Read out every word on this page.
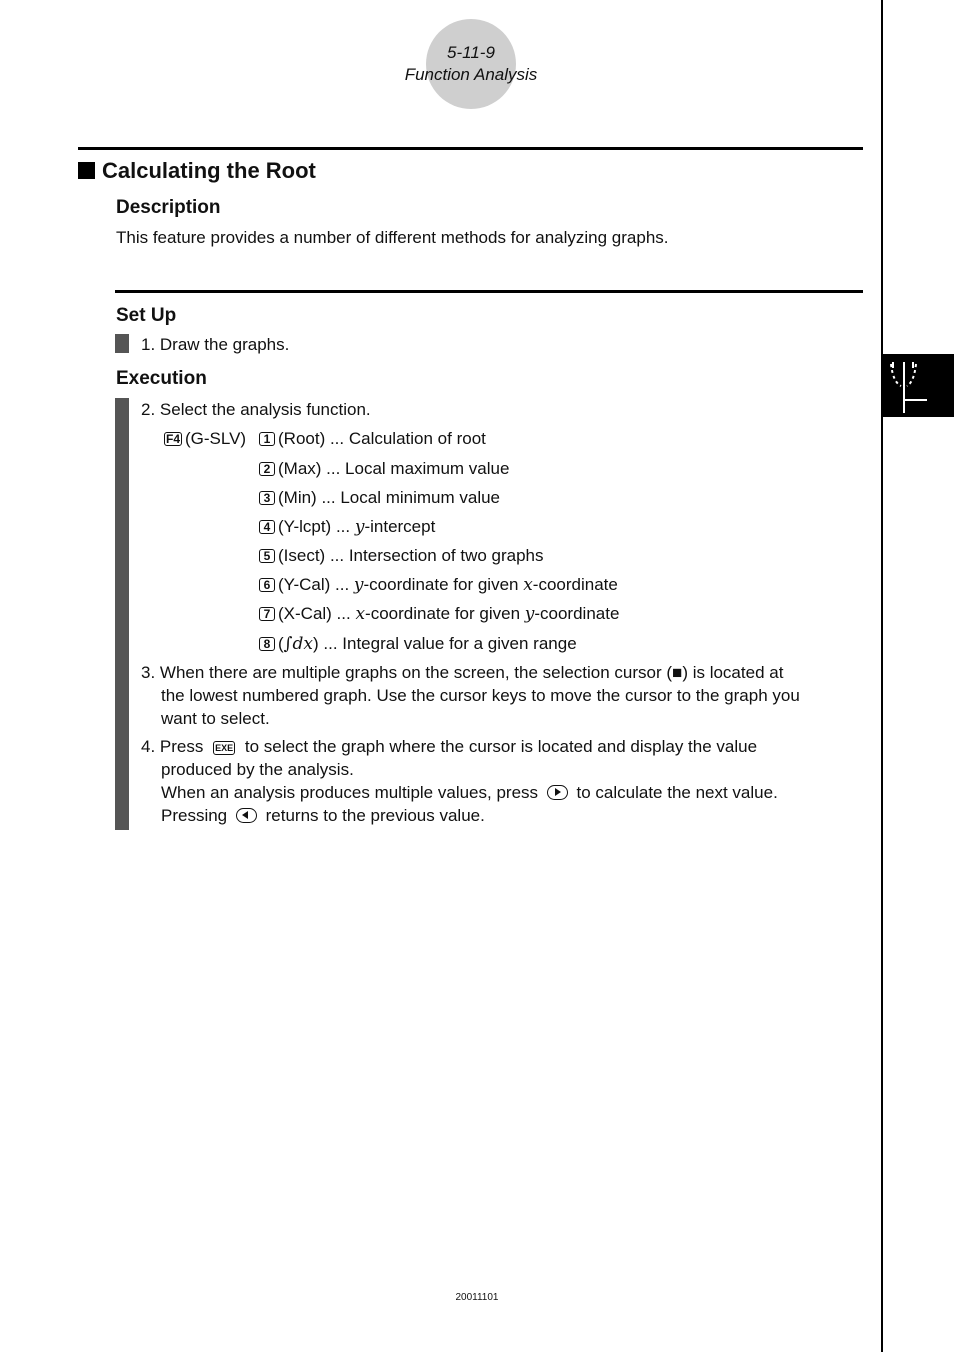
5-11-9
Function Analysis
Calculating the Root
Description
This feature provides a number of different methods for analyzing graphs.
Set Up
1. Draw the graphs.
Execution
2. Select the analysis function.
F4 (G-SLV)	1 (Root) ... Calculation of root
2 (Max) ... Local maximum value
3 (Min) ... Local minimum value
4 (Y-lcpt) ... y-intercept
5 (Isect) ... Intersection of two graphs
6 (Y-Cal) ... y-coordinate for given x-coordinate
7 (X-Cal) ... x-coordinate for given y-coordinate
8 (∫dx) ... Integral value for a given range
3. When there are multiple graphs on the screen, the selection cursor (■) is located at
the lowest numbered graph. Use the cursor keys to move the cursor to the graph you
want to select.
4. Press EXE to select the graph where the cursor is located and display the value
produced by the analysis.
When an analysis produces multiple values, press to calculate the next value.
Pressing returns to the previous value.
20011101
